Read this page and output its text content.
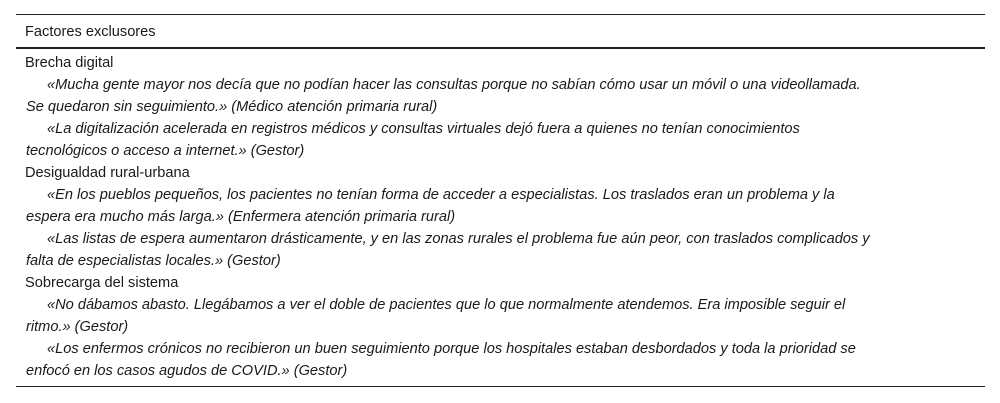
Factores exclusores
Brecha digital
«Mucha gente mayor nos decía que no podían hacer las consultas porque no sabían cómo usar un móvil o una videollamada.
Se quedaron sin seguimiento.» (Médico atención primaria rural)
«La digitalización acelerada en registros médicos y consultas virtuales dejó fuera a quienes no tenían conocimientos
tecnológicos o acceso a internet.» (Gestor)
Desigualdad rural-urbana
«En los pueblos pequeños, los pacientes no tenían forma de acceder a especialistas. Los traslados eran un problema y la
espera era mucho más larga.» (Enfermera atención primaria rural)
«Las listas de espera aumentaron drásticamente, y en las zonas rurales el problema fue aún peor, con traslados complicados y
falta de especialistas locales.» (Gestor)
Sobrecarga del sistema
«No dábamos abasto. Llegábamos a ver el doble de pacientes que lo que normalmente atendemos. Era imposible seguir el
ritmo.» (Gestor)
«Los enfermos crónicos no recibieron un buen seguimiento porque los hospitales estaban desbordados y toda la prioridad se
enfocó en los casos agudos de COVID.» (Gestor)
